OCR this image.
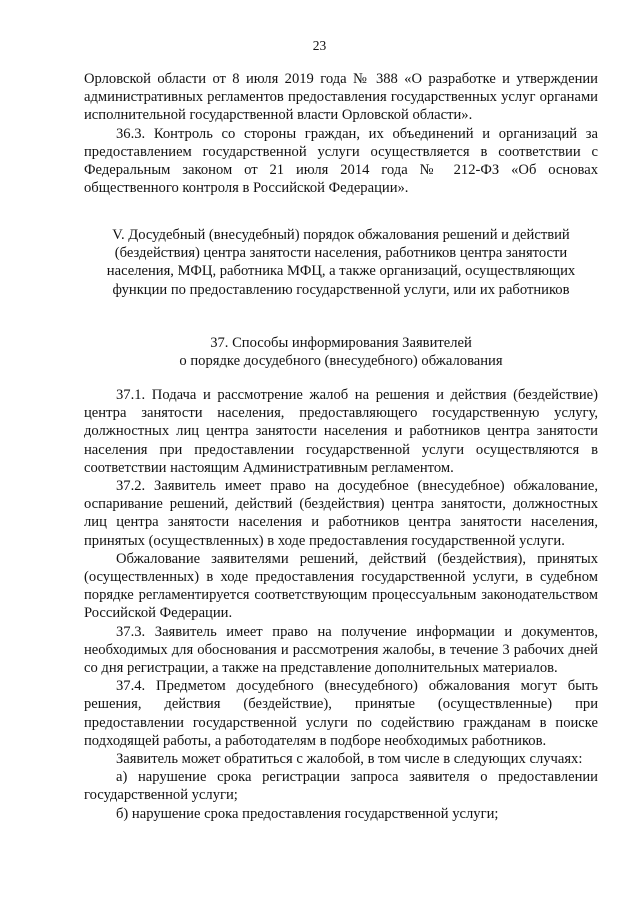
23

Орловской области от 8 июля 2019 года № 388 «О разработке и утверждении административных регламентов предоставления государственных услуг органами исполнительной государственной власти Орловской области».

36.3. Контроль со стороны граждан, их объединений и организаций за предоставлением государственной услуги осуществляется в соответствии с Федеральным законом от 21 июля 2014 года № 212-ФЗ «Об основах общественного контроля в Российской Федерации».

V. Досудебный (внесудебный) порядок обжалования решений и действий

(бездействия) центра занятости населения, работников центра занятости

населения, МФЦ, работника МФЦ, а также организаций, осуществляющих

функции по предоставлению государственной услуги, или их работников

37. Способы информирования Заявителей

о порядке досудебного (внесудебного) обжалования

37.1. Подача и рассмотрение жалоб на решения и действия (бездействие) центра занятости населения, предоставляющего государственную услугу, должностных лиц центра занятости населения и работников центра занятости населения при предоставлении государственной услуги осуществляются в соответствии настоящим Административным регламентом.

37.2. Заявитель имеет право на досудебное (внесудебное) обжалование, оспаривание решений, действий (бездействия) центра занятости, должностных лиц центра занятости населения и работников центра занятости населения, принятых (осуществленных) в ходе предоставления государственной услуги.

Обжалование заявителями решений, действий (бездействия), принятых (осуществленных) в ходе предоставления государственной услуги, в судебном порядке регламентируется соответствующим процессуальным законодательством Российской Федерации.

37.3. Заявитель имеет право на получение информации и документов, необходимых для обоснования и рассмотрения жалобы, в течение 3 рабочих дней со дня регистрации, а также на представление дополнительных материалов.

37.4. Предметом досудебного (внесудебного) обжалования могут быть решения, действия (бездействие), принятые (осуществленные) при предоставлении государственной услуги по содействию гражданам в поиске подходящей работы, а работодателям в подборе необходимых работников.

Заявитель может обратиться с жалобой, в том числе в следующих случаях:

а) нарушение срока регистрации запроса заявителя о предоставлении государственной услуги;

б) нарушение срока предоставления государственной услуги;
